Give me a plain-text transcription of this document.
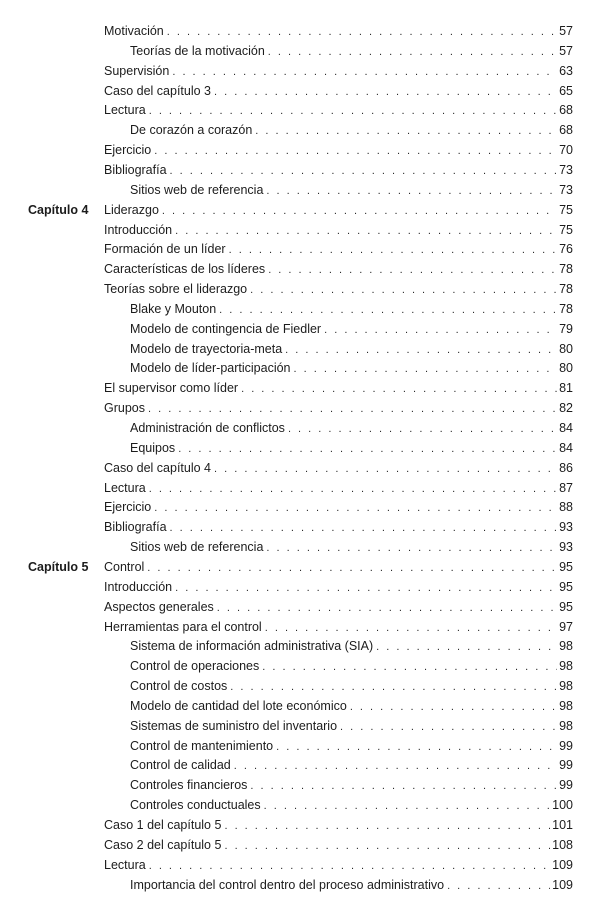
Motivación . . .	57
Teorías de la motivación . . .	57
Supervisión . . .	63
Caso del capítulo 3 . . .	65
Lectura . . .	68
De corazón a corazón . . .	68
Ejercicio . . .	70
Bibliografía . . .	73
Sitios web de referencia . . .	73
Capítulo 4 Liderazgo . . .	75
Introducción . . .	75
Formación de un líder . . .	76
Características de los líderes . . .	78
Teorías sobre el liderazgo . . .	78
Blake y Mouton . . .	78
Modelo de contingencia de Fiedler . . .	79
Modelo de trayectoria-meta . . .	80
Modelo de líder-participación . . .	80
El supervisor como líder . . .	81
Grupos . . .	82
Administración de conflictos . . .	84
Equipos . . .	84
Caso del capítulo 4 . . .	86
Lectura . . .	87
Ejercicio . . .	88
Bibliografía . . .	93
Sitios web de referencia . . .	93
Capítulo 5 Control . . .	95
Introducción . . .	95
Aspectos generales . . .	95
Herramientas para el control . . .	97
Sistema de información administrativa (SIA) . . .	98
Control de operaciones . . .	98
Control de costos . . .	98
Modelo de cantidad del lote económico . . .	98
Sistemas de suministro del inventario . . .	98
Control de mantenimiento . . .	99
Control de calidad . . .	99
Controles financieros . . .	99
Controles conductuales . . .	100
Caso 1 del capítulo 5 . . .	101
Caso 2 del capítulo 5 . . .	108
Lectura . . .	109
Importancia del control dentro del proceso administrativo . . .	109
